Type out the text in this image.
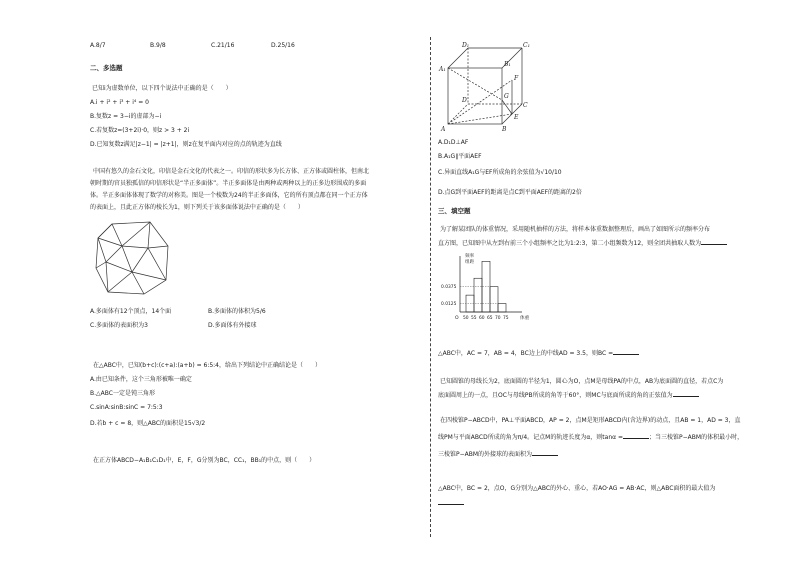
A.8/7	B.9/8	C.21/16	D.25/16
二、多选题
已知i为虚数单位，以下四个说法中正确的是（　　）
A.i + i² + i³ + i⁴ = 0
B.复数z = 3−i的虚部为−i
C.若复数z=(3+2i)·0，则z > 3 + 2i
D.已知复数z满足|z−1| = |z+1|，则z在复平面内对应的点的轨迹为直线
中国有悠久的金石文化，印信是金石文化的代表之一。印信的形状多为长方体、正方体或圆柱体，但南北
朝时期的官员独孤信的印信形状是“半正多面体”。半正多面体是由两种或两种以上的正多边形围成的多面
体。半正多面体体现了数学的对称美。图是一个棱数为24的半正多面体，它的所有顶点都在同一个正方体
的表面上，且此正方体的棱长为1，则下列关于该多面体说法中正确的是（　　）
A.多面体有12个顶点，14个面	B.多面体的体积为5/6
C.多面体的表面积为3	D.多面体有外接球
在△ABC中，已知(b+c):(c+a):(a+b) = 6:5:4，给出下列结论中正确结论是（　　）
A.由已知条件，这个三角形被唯一确定
B.△ABC一定是钝三角形
C.sinA:sinB:sinC = 7:5:3
D.若b + c = 8，则△ABC的面积是15√3/2
在正方体ABCD−A₁B₁C₁D₁中，E，F，G分别为BC，CC₁，BB₁的中点，则（　　）
D₁	C₁
A₁
B₁
F
G
D
C
A
E
B
A.D₁D⊥AF
B.A₁G∥平面AEF
C.异面直线A₁G与EF所成角的余弦值为√10/10
D.点G到平面AEF的距离是点C到平面AEF的距离的2倍
三、填空题
为了解某团队的体重情况，采用随机抽样的方法，将样本体重数据整理后，画出了如图所示的频率分布
直方图，已知图中从左到右前三个小组频率之比为1:2:3，第二小组频数为12，则全团共抽取人数为
频率
组距
体重
O
0.0375
0.0125
50 55 60 65 70 75
△ABC中，AC = 7，AB = 4，BC边上的中线AD = 3.5，则BC =
已知圆锥的母线长为2，底面圆的半径为1，圆心为O，点M是母线PA的中点，AB为底面圆的直径，若点C为
底面圆周上的一点，且OC与母线PB所成的角等于60°，则MC与底面所成的角的正弦值为
在四棱锥P−ABCD中，PA⊥平面ABCD，AP = 2，点M是矩形ABCD内(含边界)的动点，且AB = 1，AD = 3，直
线PM与平面ABCD所成的角为π/4。记点M的轨迹长度为α，则tanα =	；当三棱锥P−ABM的体积最小时，
三棱锥P−ABM的外接球的表面积为
△ABC中，BC = 2，点O，G分别为△ABC的外心、重心，若AO·AG = AB·AC，则△ABC面积的最大值为
